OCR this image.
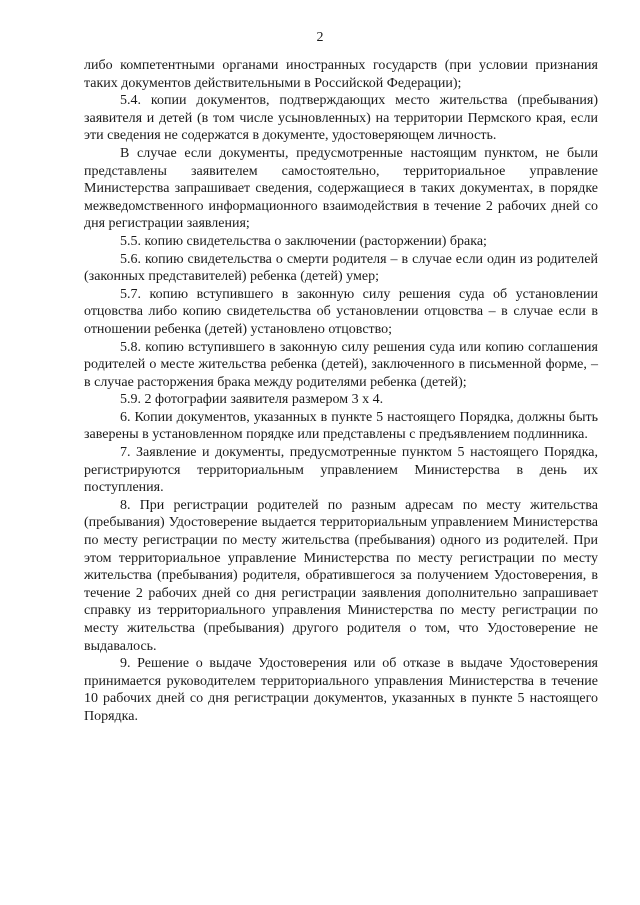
2

либо компетентными органами иностранных государств (при условии признания таких документов действительными в Российской Федерации);

5.4. копии документов, подтверждающих место жительства (пребывания) заявителя и детей (в том числе усыновленных) на территории Пермского края, если эти сведения не содержатся в документе, удостоверяющем личность.

В случае если документы, предусмотренные настоящим пунктом, не были представлены заявителем самостоятельно, территориальное управление Министерства запрашивает сведения, содержащиеся в таких документах, в порядке межведомственного информационного взаимодействия в течение 2 рабочих дней со дня регистрации заявления;

5.5. копию свидетельства о заключении (расторжении) брака;

5.6. копию свидетельства о смерти родителя – в случае если один из родителей (законных представителей) ребенка (детей) умер;

5.7. копию вступившего в законную силу решения суда об установлении отцовства либо копию свидетельства об установлении отцовства – в случае если в отношении ребенка (детей) установлено отцовство;

5.8. копию вступившего в законную силу решения суда или копию соглашения родителей о месте жительства ребенка (детей), заключенного в письменной форме, – в случае расторжения брака между родителями ребенка (детей);

5.9. 2 фотографии заявителя размером 3 х 4.

6. Копии документов, указанных в пункте 5 настоящего Порядка, должны быть заверены в установленном порядке или представлены с предъявлением подлинника.

7. Заявление и документы, предусмотренные пунктом 5 настоящего Порядка, регистрируются территориальным управлением Министерства в день их поступления.

8. При регистрации родителей по разным адресам по месту жительства (пребывания) Удостоверение выдается территориальным управлением Министерства по месту регистрации по месту жительства (пребывания) одного из родителей. При этом территориальное управление Министерства по месту регистрации по месту жительства (пребывания) родителя, обратившегося за получением Удостоверения, в течение 2 рабочих дней со дня регистрации заявления дополнительно запрашивает справку из территориального управления Министерства по месту регистрации по месту жительства (пребывания) другого родителя о том, что Удостоверение не выдавалось.

9. Решение о выдаче Удостоверения или об отказе в выдаче Удостоверения принимается руководителем территориального управления Министерства в течение 10 рабочих дней со дня регистрации документов, указанных в пункте 5 настоящего Порядка.
